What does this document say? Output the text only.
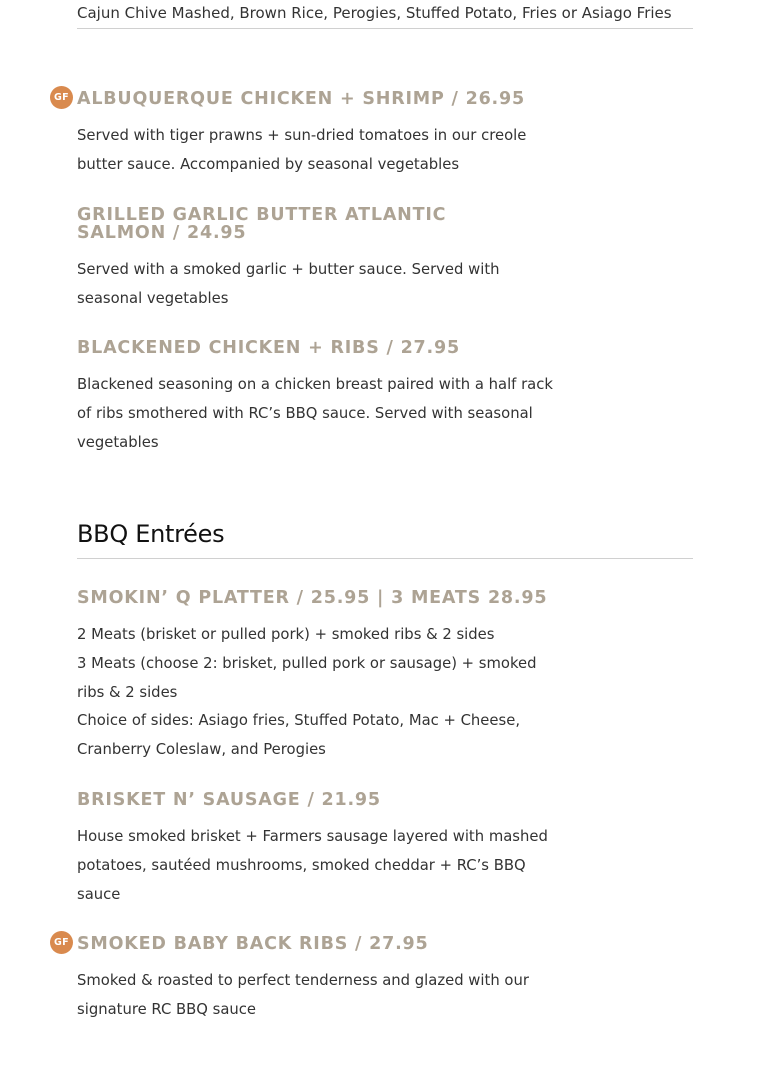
Cajun Chive Mashed, Brown Rice, Perogies, Stuffed Potato, Fries or Asiago Fries
GF ALBUQUERQUE CHICKEN + SHRIMP / 26.95

Served with tiger prawns + sun-dried tomatoes in our creole butter sauce. Accompanied by seasonal vegetables

GRILLED GARLIC BUTTER ATLANTIC SALMON / 24.95

Served with a smoked garlic + butter sauce. Served with seasonal vegetables

BLACKENED CHICKEN + RIBS / 27.95

Blackened seasoning on a chicken breast paired with a half rack of ribs smothered with RC’s BBQ sauce. Served with seasonal vegetables

BBQ Entrées
SMOKIN’ Q PLATTER / 25.95 | 3 MEATS 28.95

2 Meats (brisket or pulled pork) + smoked ribs & 2 sides

3 Meats (choose 2: brisket, pulled pork or sausage) + smoked ribs & 2 sides

Choice of sides: Asiago fries, Stuffed Potato, Mac + Cheese, Cranberry Coleslaw, and Perogies

BRISKET N’ SAUSAGE / 21.95

House smoked brisket + Farmers sausage layered with mashed potatoes, sautéed mushrooms, smoked cheddar + RC’s BBQ sauce

GF SMOKED BABY BACK RIBS / 27.95

Smoked & roasted to perfect tenderness and glazed with our signature RC BBQ sauce
